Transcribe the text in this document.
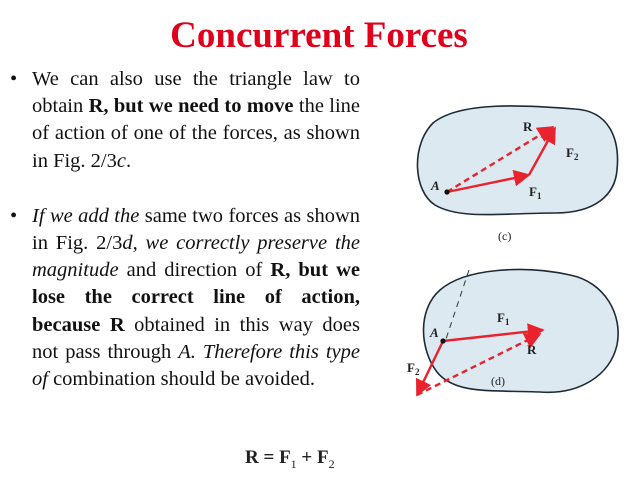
Concurrent Forces
• We can also use the triangle law to obtain R, but we need to move the line of action of one of the forces, as shown in Fig. 2/3c.
• If we add the same two forces as shown in Fig. 2/3d, we correctly preserve the magnitude and direction of R, but we lose the correct line of action, because R obtained in this way does not pass through A. Therefore this type of combination should be avoided.
R
$F_2$
$F_1$
A
(c)
$F_1$
R
A
$F_2$
(d)
$R = F_1 + F_2$
